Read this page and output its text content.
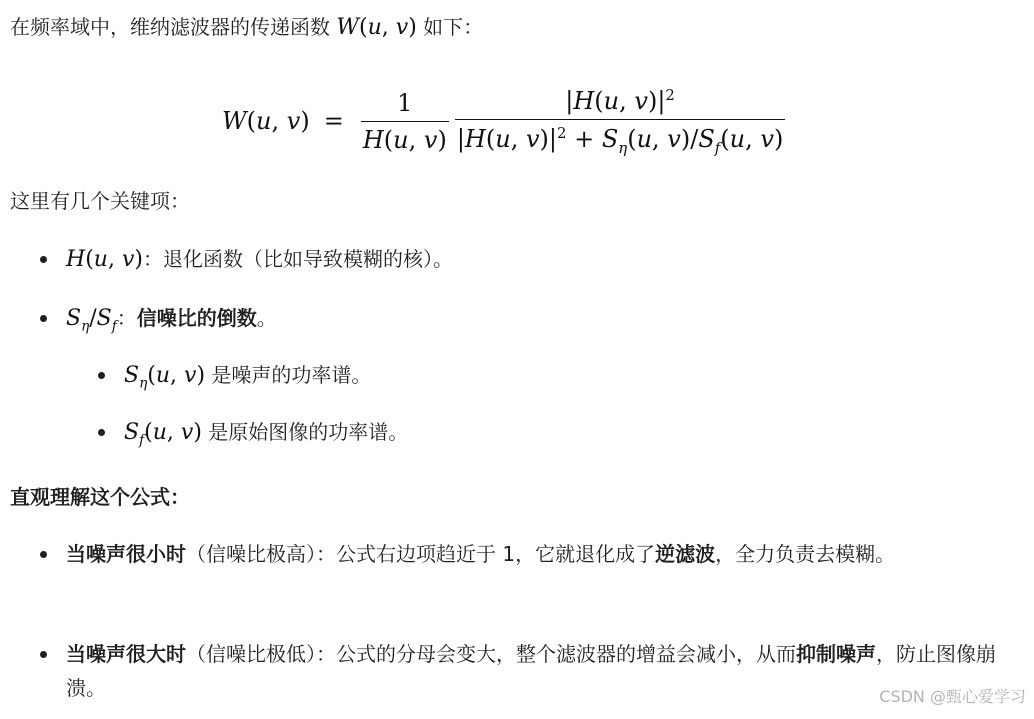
在频率域中，维纳滤波器的传递函数 W(u, v) 如下：
W(u, $v) = \frac{1}{H(u, v)} \frac{|H(u, v)|^2}{|H(u, v)|^2 + S_\eta(u, v)/S_f(u, v)}$
这里有几个关键项：
H(u, v)：退化函数（比如导致模糊的核）。
$S_\eta/S_f$：信噪比的倒数。
$S_\eta(u$, v) 是噪声的功率谱。
$S_f(u$, v) 是原始图像的功率谱。
直观理解这个公式：
当噪声很小时（信噪比极高）：公式右边项趋近于 1，它就退化成了逆滤波，全力负责去模糊。
当噪声很大时（信噪比极低）：公式的分母会变大，整个滤波器的增益会减小，从而抑制噪声，防止图像崩溃。	CSDN @甄心爱学习
